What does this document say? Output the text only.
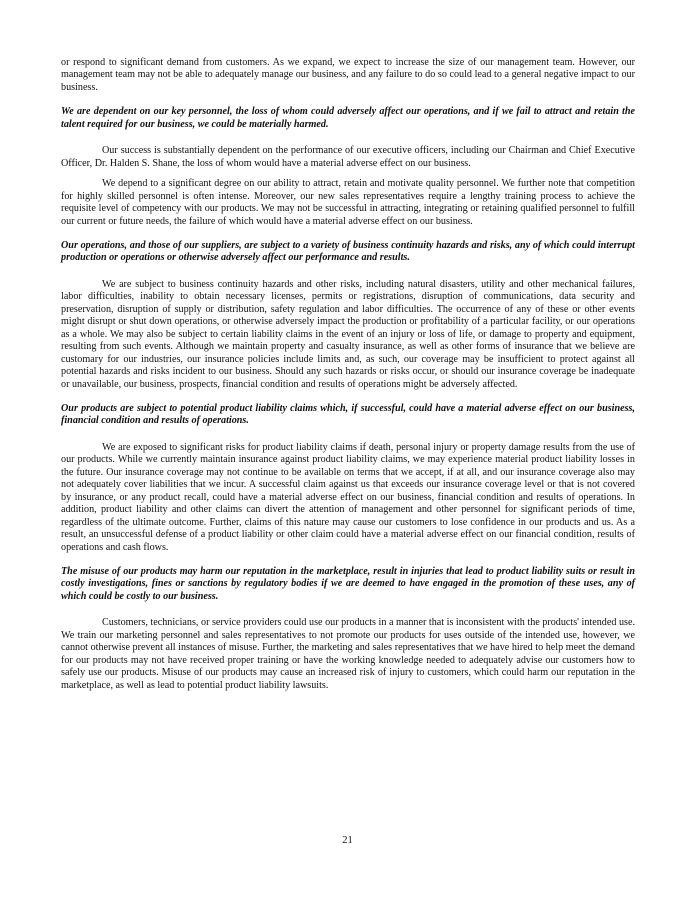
or respond to significant demand from customers. As we expand, we expect to increase the size of our management team. However, our management team may not be able to adequately manage our business, and any failure to do so could lead to a general negative impact to our business.

We are dependent on our key personnel, the loss of whom could adversely affect our operations, and if we fail to attract and retain the talent required for our business, we could be materially harmed.

Our success is substantially dependent on the performance of our executive officers, including our Chairman and Chief Executive Officer, Dr. Halden S. Shane, the loss of whom would have a material adverse effect on our business.

We depend to a significant degree on our ability to attract, retain and motivate quality personnel. We further note that competition for highly skilled personnel is often intense. Moreover, our new sales representatives require a lengthy training process to achieve the requisite level of competency with our products. We may not be successful in attracting, integrating or retaining qualified personnel to fulfill our current or future needs, the failure of which would have a material adverse effect on our business.

Our operations, and those of our suppliers, are subject to a variety of business continuity hazards and risks, any of which could interrupt production or operations or otherwise adversely affect our performance and results.

We are subject to business continuity hazards and other risks, including natural disasters, utility and other mechanical failures, labor difficulties, inability to obtain necessary licenses, permits or registrations, disruption of communications, data security and preservation, disruption of supply or distribution, safety regulation and labor difficulties. The occurrence of any of these or other events might disrupt or shut down operations, or otherwise adversely impact the production or profitability of a particular facility, or our operations as a whole. We may also be subject to certain liability claims in the event of an injury or loss of life, or damage to property and equipment, resulting from such events. Although we maintain property and casualty insurance, as well as other forms of insurance that we believe are customary for our industries, our insurance policies include limits and, as such, our coverage may be insufficient to protect against all potential hazards and risks incident to our business. Should any such hazards or risks occur, or should our insurance coverage be inadequate or unavailable, our business, prospects, financial condition and results of operations might be adversely affected.

Our products are subject to potential product liability claims which, if successful, could have a material adverse effect on our business, financial condition and results of operations.

We are exposed to significant risks for product liability claims if death, personal injury or property damage results from the use of our products. While we currently maintain insurance against product liability claims, we may experience material product liability losses in the future. Our insurance coverage may not continue to be available on terms that we accept, if at all, and our insurance coverage also may not adequately cover liabilities that we incur. A successful claim against us that exceeds our insurance coverage level or that is not covered by insurance, or any product recall, could have a material adverse effect on our business, financial condition and results of operations. In addition, product liability and other claims can divert the attention of management and other personnel for significant periods of time, regardless of the ultimate outcome. Further, claims of this nature may cause our customers to lose confidence in our products and us. As a result, an unsuccessful defense of a product liability or other claim could have a material adverse effect on our financial condition, results of operations and cash flows.

The misuse of our products may harm our reputation in the marketplace, result in injuries that lead to product liability suits or result in costly investigations, fines or sanctions by regulatory bodies if we are deemed to have engaged in the promotion of these uses, any of which could be costly to our business.

Customers, technicians, or service providers could use our products in a manner that is inconsistent with the products' intended use. We train our marketing personnel and sales representatives to not promote our products for uses outside of the intended use, however, we cannot otherwise prevent all instances of misuse. Further, the marketing and sales representatives that we have hired to help meet the demand for our products may not have received proper training or have the working knowledge needed to adequately advise our customers how to safely use our products. Misuse of our products may cause an increased risk of injury to customers, which could harm our reputation in the marketplace, as well as lead to potential product liability lawsuits.

21
